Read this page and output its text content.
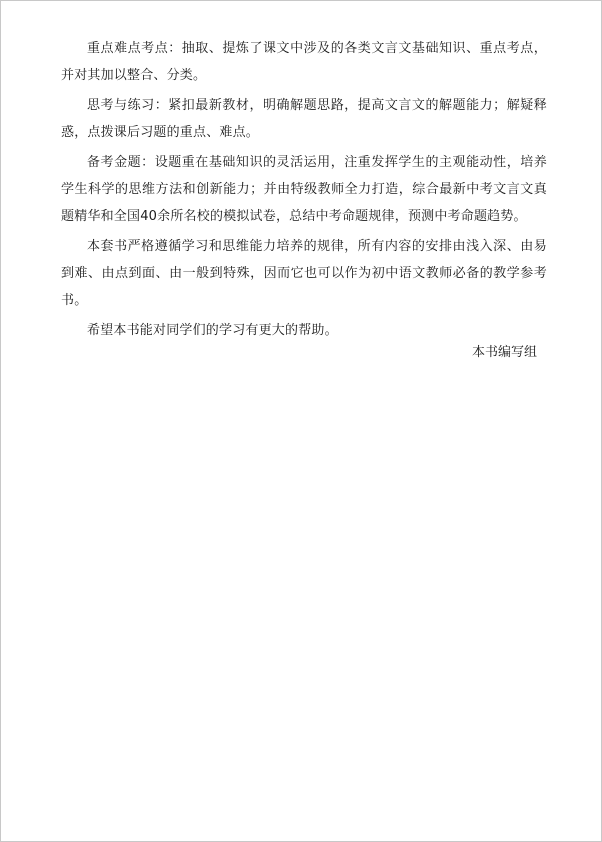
重点难点考点：抽取、提炼了课文中涉及的各类文言文基础知识、重点考点，并对其加以整合、分类。

思考与练习：紧扣最新教材，明确解题思路，提高文言文的解题能力；解疑释惑，点拨课后习题的重点、难点。

备考金题：设题重在基础知识的灵活运用，注重发挥学生的主观能动性，培养学生科学的思维方法和创新能力；并由特级教师全力打造，综合最新中考文言文真题精华和全国40余所名校的模拟试卷，总结中考命题规律，预测中考命题趋势。

本套书严格遵循学习和思维能力培养的规律，所有内容的安排由浅入深、由易到难、由点到面、由一般到特殊，因而它也可以作为初中语文教师必备的教学参考书。

希望本书能对同学们的学习有更大的帮助。

本书编写组
